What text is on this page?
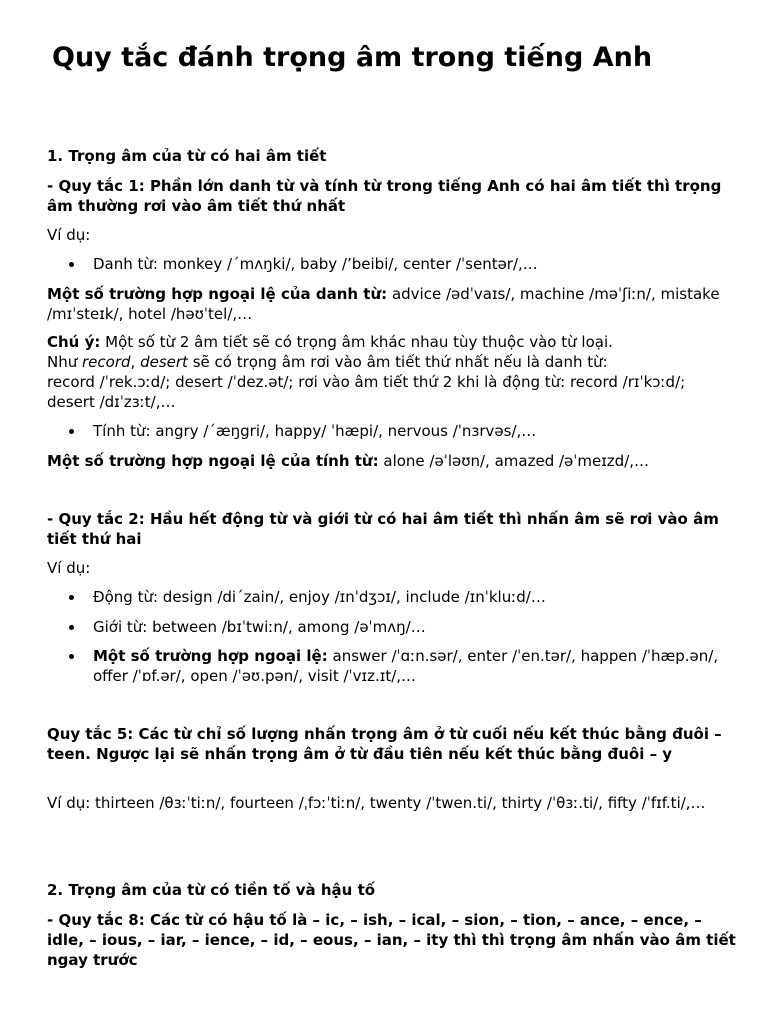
Quy tắc đánh trọng âm trong tiếng Anh

1. Trọng âm của từ có hai âm tiết

- Quy tắc 1: Phần lớn danh từ và tính từ trong tiếng Anh có hai âm tiết thì trọng âm thường rơi vào âm tiết thứ nhất

Ví dụ:

Danh từ: monkey /ˊmʌŋki/, baby /’beibi/, center /ˈsentər/,…

Một số trường hợp ngoại lệ của danh từ: advice /ədˈvaɪs/, machine /məˈʃiːn/, mistake /mɪˈsteɪk/, hotel /həʊˈtel/,…

Chú ý: Một số từ 2 âm tiết sẽ có trọng âm khác nhau tùy thuộc vào từ loại.
Như record, desert sẽ có trọng âm rơi vào âm tiết thứ nhất nếu là danh từ:
record /ˈrek.ɔːd/; desert /ˈdez.ət/; rơi vào âm tiết thứ 2 khi là động từ: record /rɪˈkɔːd/; desert /dɪˈzɜːt/,…

Tính từ: angry /ˊæŋgri/, happy/ ˈhæpi/, nervous /ˈnɜrvəs/,…

Một số trường hợp ngoại lệ của tính từ: alone /əˈləʊn/, amazed /əˈmeɪzd/,…

- Quy tắc 2: Hầu hết động từ và giới từ có hai âm tiết thì nhấn âm sẽ rơi vào âm tiết thứ hai

Ví dụ:

Động từ: design /diˊzain/, enjoy /ɪnˈdʒɔɪ/, include /ɪnˈkluːd/…
Giới từ: between /bɪˈtwiːn/, among /əˈmʌŋ/…
Một số trường hợp ngoại lệ: answer /ˈɑːn.sər/, enter /ˈen.tər/, happen /ˈhæp.ən/, offer /ˈɒf.ər/, open /ˈəʊ.pən/, visit /ˈvɪz.ɪt/,…

Quy tắc 5: Các từ chỉ số lượng nhấn trọng âm ở từ cuối nếu kết thúc bằng đuôi – teen. Ngược lại sẽ nhấn trọng âm ở từ đầu tiên nếu kết thúc bằng đuôi – y

Ví dụ: thirteen /θɜːˈtiːn/, fourteen /ˌfɔːˈtiːn/, twenty /ˈtwen.ti/, thirty /ˈθɜː.ti/, fifty /ˈfɪf.ti/,…

2. Trọng âm của từ có tiền tố và hậu tố

- Quy tắc 8: Các từ có hậu tố là – ic, – ish, – ical, – sion, – tion, – ance, – ence, – idle, – ious, – iar, – ience, – id, – eous, – ian, – ity thì thì trọng âm nhấn vào âm tiết ngay trước
